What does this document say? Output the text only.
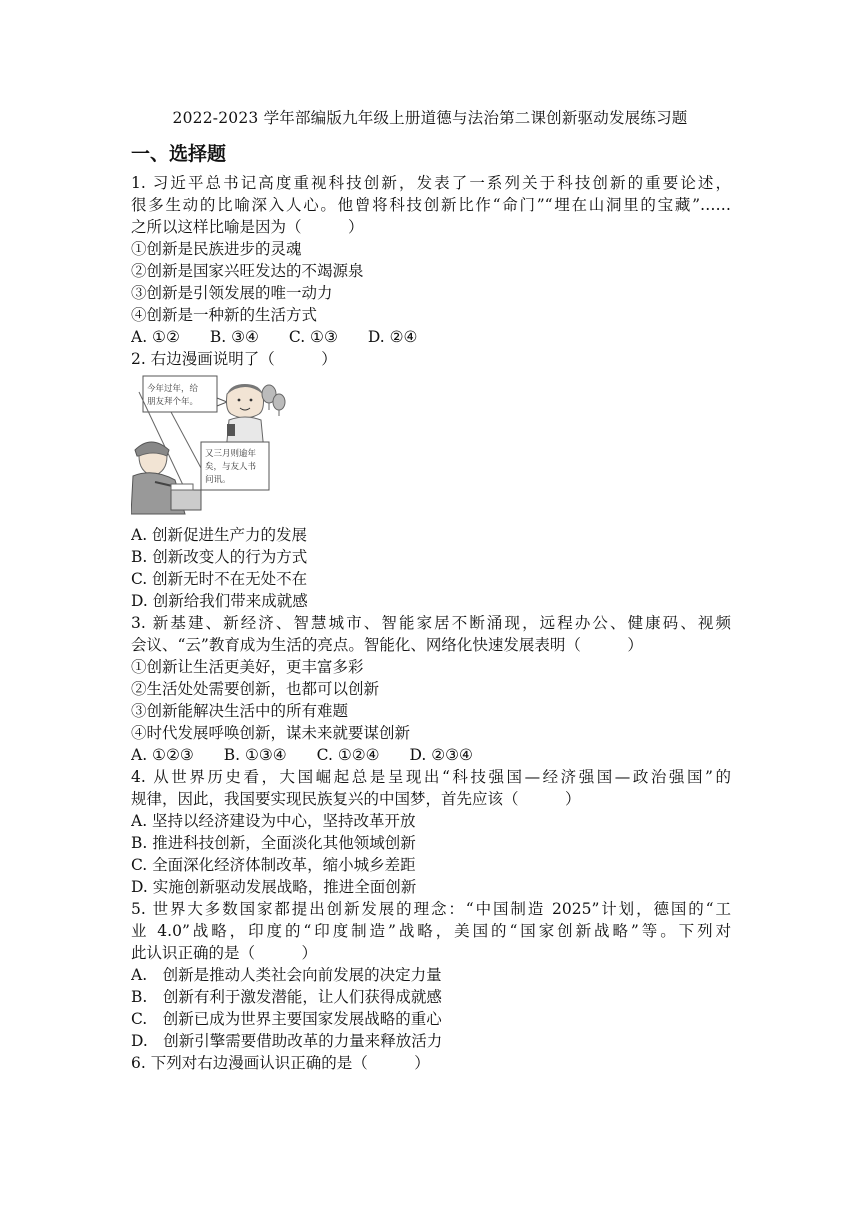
2022-2023 学年部编版九年级上册道德与法治第二课创新驱动发展练习题
一、选择题
1. 习近平总书记高度重视科技创新，发表了一系列关于科技创新的重要论述，
很多生动的比喻深入人心。他曾将科技创新比作“命门”“埋在山洞里的宝藏”……
之所以这样比喻是因为（　　　）
①创新是民族进步的灵魂
②创新是国家兴旺发达的不竭源泉
③创新是引领发展的唯一动力
④创新是一种新的生活方式
A. ①② B. ③④ C. ①③ D. ②④
2. 右边漫画说明了（　　　）
今年过年，给
朋友拜个年。
又三月则逾年
矣，与友人书
问讯。
A. 创新促进生产力的发展
B. 创新改变人的行为方式
C. 创新无时不在无处不在
D. 创新给我们带来成就感
3. 新基建、新经济、智慧城市、智能家居不断涌现，远程办公、健康码、视频
会议、“云”教育成为生活的亮点。智能化、网络化快速发展表明（　　　）
①创新让生活更美好，更丰富多彩
②生活处处需要创新，也都可以创新
③创新能解决生活中的所有难题
④时代发展呼唤创新，谋未来就要谋创新
A. ①②③ B. ①③④ C. ①②④ D. ②③④
4. 从世界历史看，大国崛起总是呈现出“科技强国—经济强国—政治强国”的
规律，因此，我国要实现民族复兴的中国梦，首先应该（　　　）
A. 坚持以经济建设为中心，坚持改革开放
B. 推进科技创新，全面淡化其他领域创新
C. 全面深化经济体制改革，缩小城乡差距
D. 实施创新驱动发展战略，推进全面创新
5. 世界大多数国家都提出创新发展的理念：“中国制造 2025”计划，德国的“工
业 4.0”战略，印度的“印度制造”战略，美国的“国家创新战略”等。下列对
此认识正确的是（　　　）
A.　创新是推动人类社会向前发展的决定力量
B.　创新有利于激发潜能，让人们获得成就感
C.　创新已成为世界主要国家发展战略的重心
D.　创新引擎需要借助改革的力量来释放活力
6. 下列对右边漫画认识正确的是（　　　）
